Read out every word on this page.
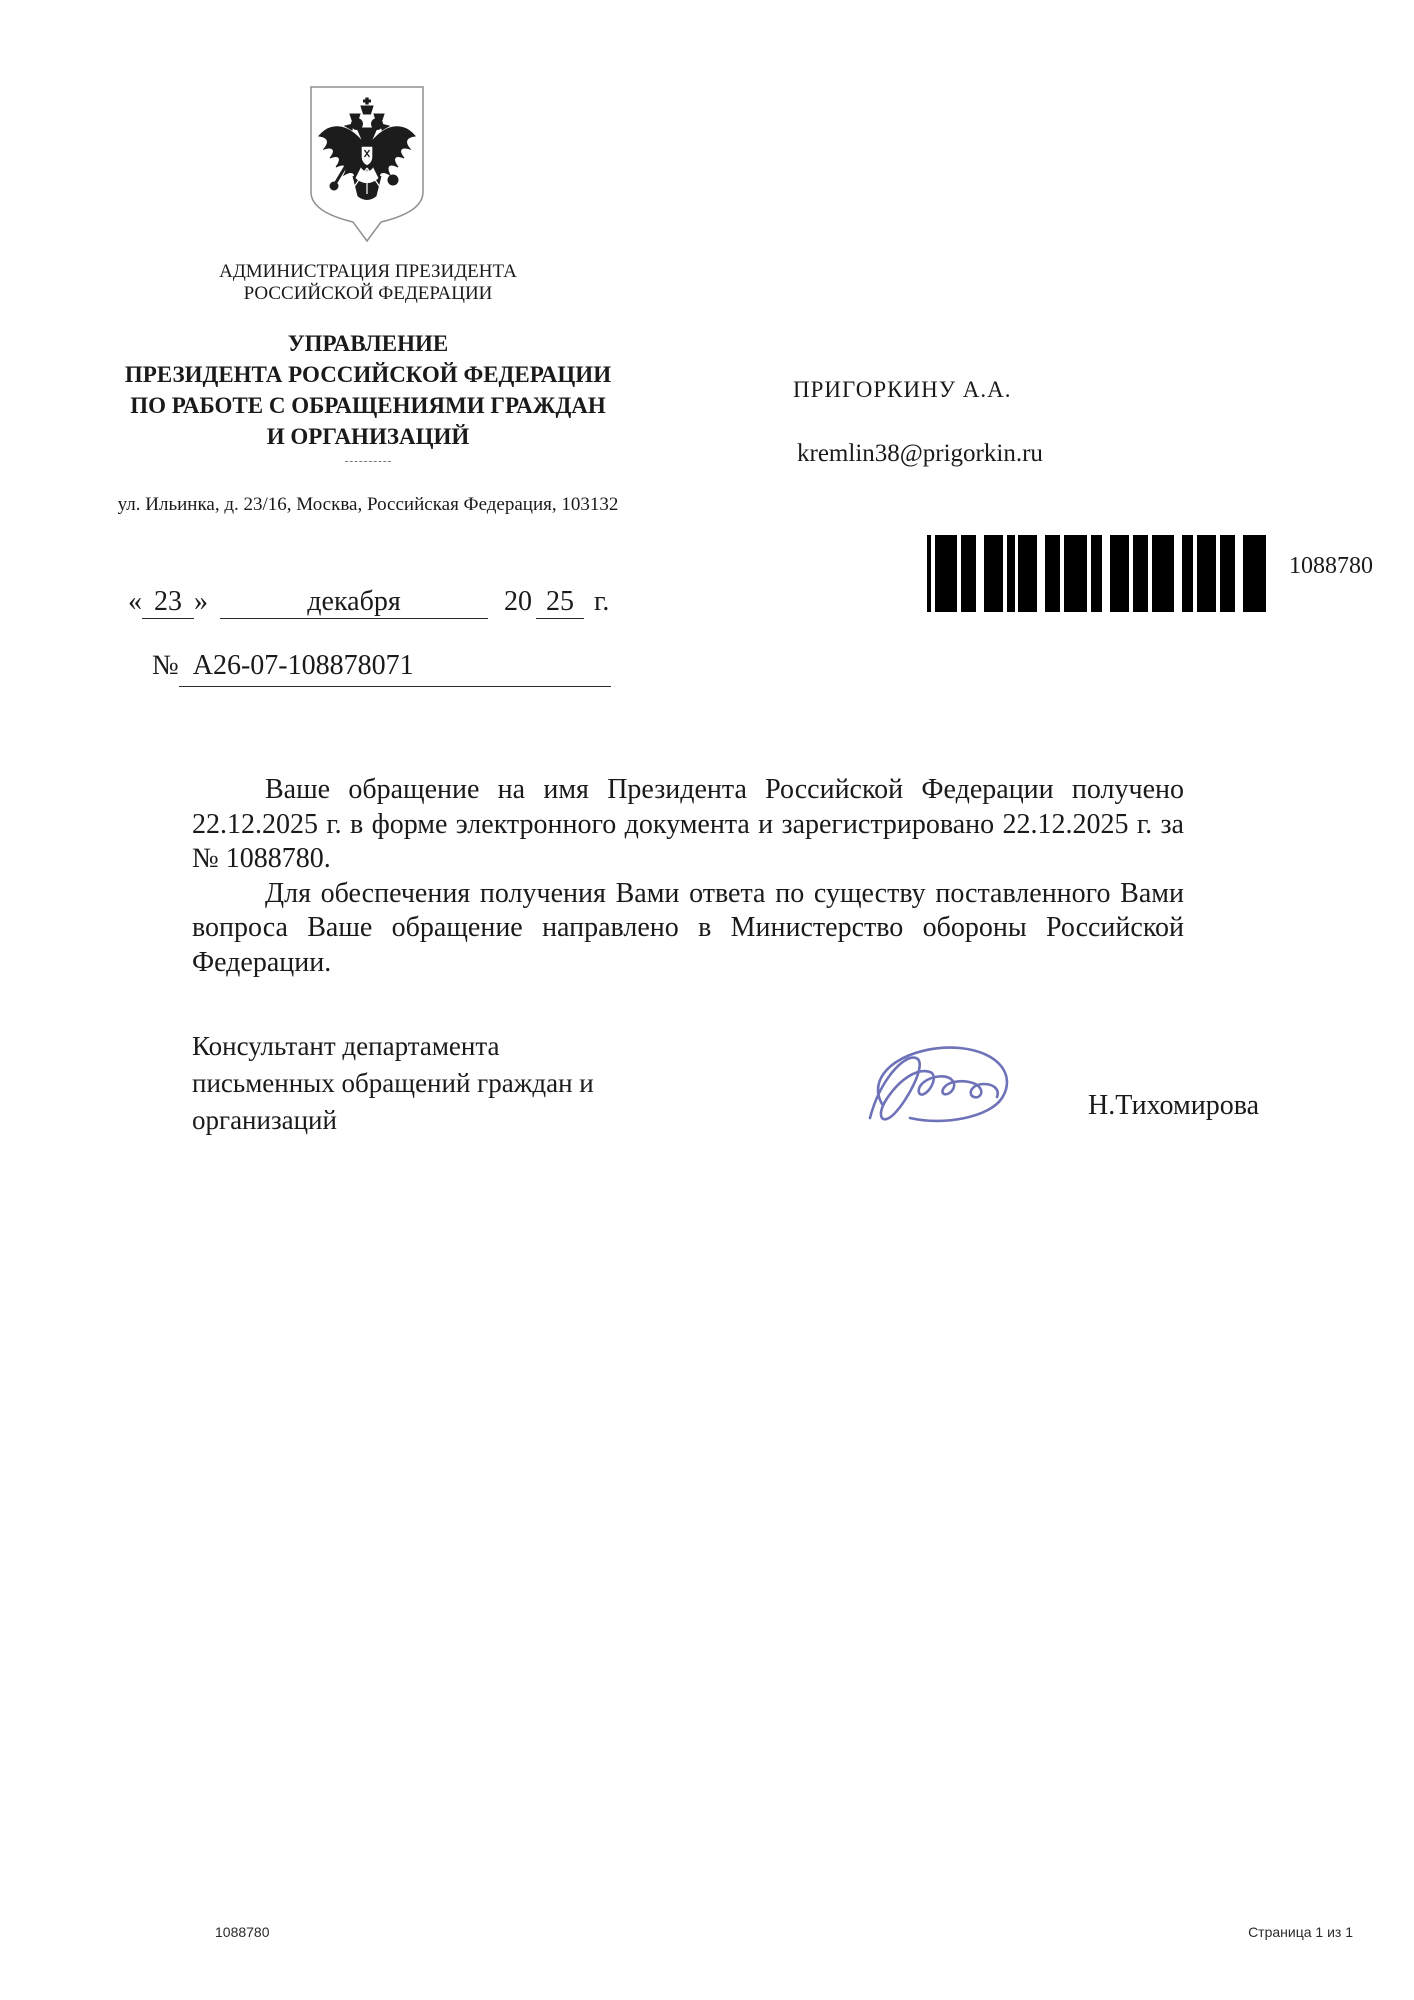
АДМИНИСТРАЦИЯ ПРЕЗИДЕНТА
РОССИЙСКОЙ ФЕДЕРАЦИИ
УПРАВЛЕНИЕ
ПРЕЗИДЕНТА РОССИЙСКОЙ ФЕДЕРАЦИИ
ПО РАБОТЕ С ОБРАЩЕНИЯМИ ГРАЖДАН
И ОРГАНИЗАЦИЙ
ул. Ильинка, д. 23/16, Москва, Российская Федерация, 103132
ПРИГОРКИНУ А.А.
kremlin38@prigorkin.ru
1088780
« 23 »	декабря	20 25 г.
№ А26-07-108878071

Ваше обращение на имя Президента Российской Федерации получено 22.12.2025 г. в форме электронного документа и зарегистрировано 22.12.2025 г. за № 1088780.

Для обеспечения получения Вами ответа по существу поставленного Вами вопроса Ваше обращение направлено в Министерство обороны Российской Федерации.

Консультант департамента письменных обращений граждан и организаций	Н.Тихомирова
1088780	Страница 1 из 1
